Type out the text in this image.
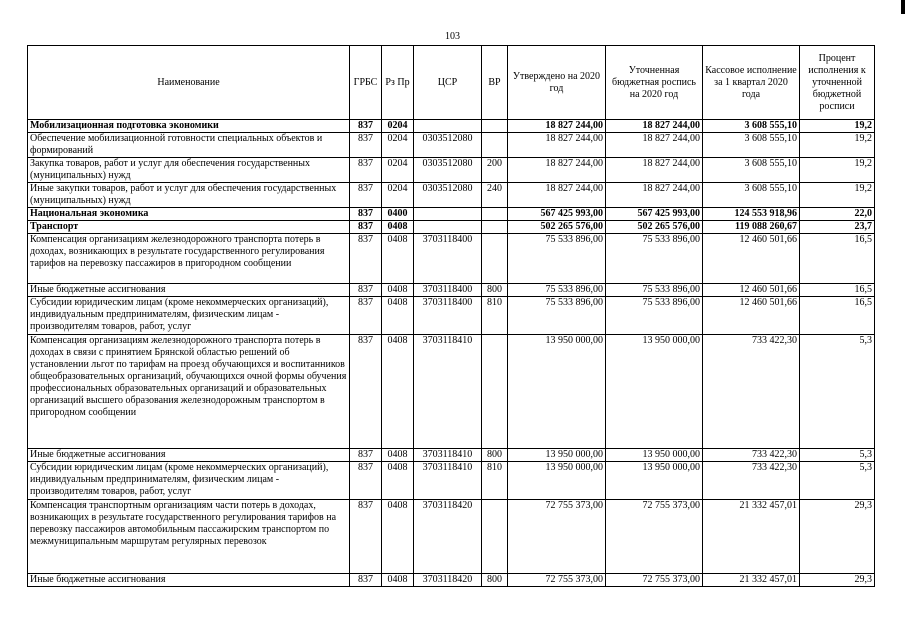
103
Наименование	ГРБС	Рз Пр	ЦСР	ВР	Утверждено на 2020 год	Уточненная бюджетная роспись на 2020 год	Кассовое исполнение за 1 квартал 2020 года	Процент исполнения к уточненной бюджетной росписи
Мобилизационная подготовка экономики	837	0204			18 827 244,00	18 827 244,00	3 608 555,10	19,2
Обеспечение мобилизационной готовности специальных объектов и формирований	837	0204	0303512080		18 827 244,00	18 827 244,00	3 608 555,10	19,2
Закупка товаров, работ и услуг для обеспечения государственных (муниципальных) нужд	837	0204	0303512080	200	18 827 244,00	18 827 244,00	3 608 555,10	19,2
Иные закупки товаров, работ и услуг для обеспечения государственных (муниципальных) нужд	837	0204	0303512080	240	18 827 244,00	18 827 244,00	3 608 555,10	19,2
Национальная экономика	837	0400			567 425 993,00	567 425 993,00	124 553 918,96	22,0
Транспорт	837	0408			502 265 576,00	502 265 576,00	119 088 260,67	23,7
Компенсация организациям железнодорожного транспорта потерь в доходах, возникающих в результате государственного регулирования тарифов на перевозку пассажиров в пригородном сообщении	837	0408	3703118400		75 533 896,00	75 533 896,00	12 460 501,66	16,5
Иные бюджетные ассигнования	837	0408	3703118400	800	75 533 896,00	75 533 896,00	12 460 501,66	16,5
Субсидии юридическим лицам (кроме некоммерческих организаций), индивидуальным предпринимателям, физическим лицам - производителям товаров, работ, услуг	837	0408	3703118400	810	75 533 896,00	75 533 896,00	12 460 501,66	16,5
Компенсация организациям железнодорожного транспорта потерь в доходах в связи с принятием Брянской областью решений об установлении льгот по тарифам на проезд обучающихся и воспитанников общеобразовательных организаций, обучающихся очной формы обучения профессиональных образовательных организаций и образовательных организаций высшего образования железнодорожным транспортом в пригородном сообщении	837	0408	3703118410		13 950 000,00	13 950 000,00	733 422,30	5,3
Иные бюджетные ассигнования	837	0408	3703118410	800	13 950 000,00	13 950 000,00	733 422,30	5,3
Субсидии юридическим лицам (кроме некоммерческих организаций), индивидуальным предпринимателям, физическим лицам - производителям товаров, работ, услуг	837	0408	3703118410	810	13 950 000,00	13 950 000,00	733 422,30	5,3
Компенсация транспортным организациям части потерь в доходах, возникающих в результате государственного регулирования тарифов на перевозку пассажиров автомобильным пассажирским транспортом по межмуниципальным маршрутам регулярных перевозок	837	0408	3703118420		72 755 373,00	72 755 373,00	21 332 457,01	29,3
Иные бюджетные ассигнования	837	0408	3703118420	800	72 755 373,00	72 755 373,00	21 332 457,01	29,3
